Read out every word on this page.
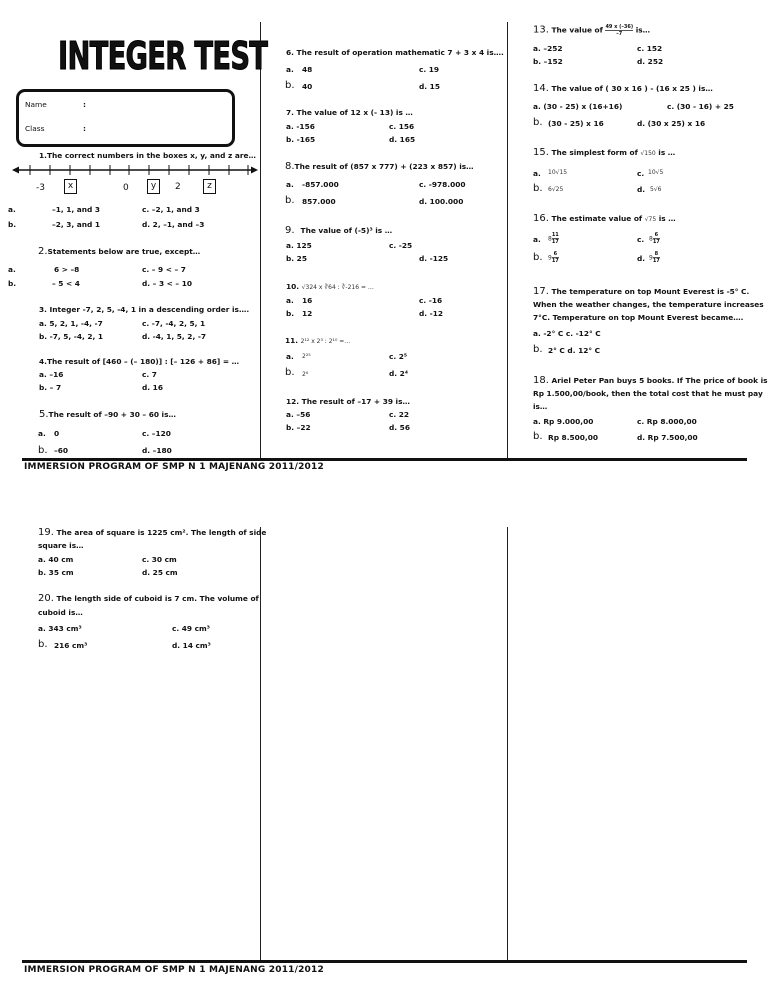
IMMERSION PROGRAM OF SMP N 1 MAJENANG 2011/2012
IMMERSION PROGRAM OF SMP N 1 MAJENANG 2011/2012
INTEGER TEST
Name	:
Class	:
1.The correct numbers in the boxes x, y, and z are…
-3	x	0	y	2	z
a.	–1, 1, and 3	c. –2, 1, and 3
b.	–2, 3, and 1	d. 2, –1, and –3
2.Statements below are true, except…
a.	6 > –8	c. – 9 < – 7
b.	– 5 < 4	d. – 3 < – 10
3. Integer -7, 2, 5, -4, 1 in a descending order is….
a. 5, 2, 1, -4, -7	c. -7, -4, 2, 5, 1
b. -7, 5, -4, 2, 1	d. -4, 1, 5, 2, -7
4.The result of [460 – (– 180)] : [– 126 + 86] = …
a. –16	c. 7
b. – 7	d. 16
5.The result of –90 + 30 – 60 is…
a. 0	c. –120
b. –60	d. –180
6. The result of operation mathematic 7 + 3 x 4 is….
a. 48	c. 19
b. 40	d. 15
7. The value of 12 x (- 13) is …
a. -156	c. 156
b. -165	d. 165
8.The result of (857 x 777) + (223 x 857) is…
a. -857.000	c. -978.000
b. 857.000	d. 100.000
9. The value of (-5)³ is …
a. 125	c. -25
b. 25	d. -125
10. √324 x ∛64 : ∛-216 = …
a. 16	c. -16
b. 12	d. -12
11. 2¹² x 2³ : 2¹⁰ =…
a. 2²⁵	c. 2⁵
b. 2⁶	d. 2⁴
12. The result of –17 + 39 is…
a. –56	c. 22
b. –22	d. 56
13. The value of $\frac{49 x (-36)}{-7}$ is…
a. –252	c. 152
b. –152	d. 252
14. The value of ( 30 x 16 ) - (16 x 25 ) is…
a. (30 - 25) x (16+16)	c. (30 - 16) + 25
b. (30 - 25) x 16	d. (30 x 25) x 16
15. The simplest form of √150 is …
a. 10√15	c. 10√5
b. 6√25	d. 5√6
16. The estimate value of √75 is …
a. $8 \frac{11}{17}$	c. $8 \frac{6}{17}$
b. $9 \frac{6}{17}$	d. $9 \frac{8}{17}$
17. The temperature on top Mount Everest is -5° C.
When the weather changes, the temperature increases
7°C. Temperature on top Mount Everest became….
a. -2° C c. -12° C
b. 2° C d. 12° C
18. Ariel Peter Pan buys 5 books. If The price of book is
Rp 1.500,00/book, then the total cost that he must pay
is…
a. Rp 9.000,00	c. Rp 8.000,00
b. Rp 8.500,00	d. Rp 7.500,00
19. The area of square is 1225 cm². The length of side
square is…
a. 40 cm	c. 30 cm
b. 35 cm	d. 25 cm
20. The length side of cuboid is 7 cm. The volume of
cuboid is…
a. 343 cm³	c. 49 cm³
b. 216 cm³	d. 14 cm³
